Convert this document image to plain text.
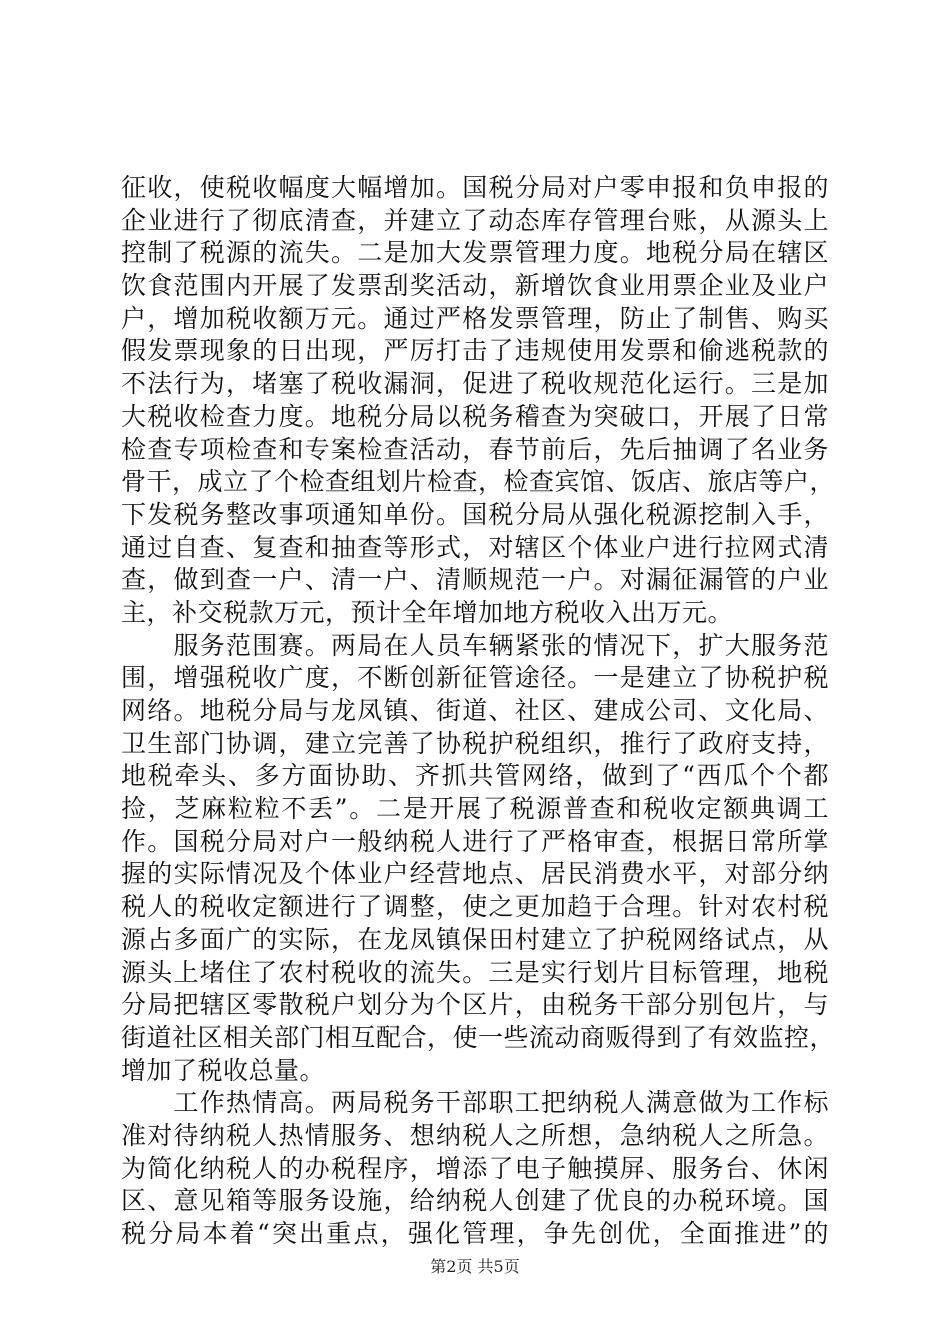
征收，使税收幅度大幅增加。国税分局对户零申报和负申报的
企业进行了彻底清查，并建立了动态库存管理台账，从源头上
控制了税源的流失。二是加大发票管理力度。地税分局在辖区
饮食范围内开展了发票刮奖活动，新增饮食业用票企业及业户
户，增加税收额万元。通过严格发票管理，防止了制售、购买
假发票现象的日出现，严厉打击了违规使用发票和偷逃税款的
不法行为，堵塞了税收漏洞，促进了税收规范化运行。三是加
大税收检查力度。地税分局以税务稽查为突破口，开展了日常
检查专项检查和专案检查活动，春节前后，先后抽调了名业务
骨干，成立了个检查组划片检查，检查宾馆、饭店、旅店等户，
下发税务整改事项通知单份。国税分局从强化税源挖制入手，
通过自查、复查和抽查等形式，对辖区个体业户进行拉网式清
查，做到查一户、清一户、清顺规范一户。对漏征漏管的户业
主，补交税款万元，预计全年增加地方税收入出万元。
　　服务范围赛。两局在人员车辆紧张的情况下，扩大服务范
围，增强税收广度，不断创新征管途径。一是建立了协税护税
网络。地税分局与龙凤镇、街道、社区、建成公司、文化局、
卫生部门协调，建立完善了协税护税组织，推行了政府支持，
地税牵头、多方面协助、齐抓共管网络，做到了“西瓜个个都
捡，芝麻粒粒不丢”。二是开展了税源普查和税收定额典调工
作。国税分局对户一般纳税人进行了严格审查，根据日常所掌
握的实际情况及个体业户经营地点、居民消费水平，对部分纳
税人的税收定额进行了调整，使之更加趋于合理。针对农村税
源占多面广的实际，在龙凤镇保田村建立了护税网络试点，从
源头上堵住了农村税收的流失。三是实行划片目标管理，地税
分局把辖区零散税户划分为个区片，由税务干部分别包片，与
街道社区相关部门相互配合，使一些流动商贩得到了有效监控，
增加了税收总量。
　　工作热情高。两局税务干部职工把纳税人满意做为工作标
准对待纳税人热情服务、想纳税人之所想，急纳税人之所急。
为简化纳税人的办税程序，增添了电子触摸屏、服务台、休闲
区、意见箱等服务设施，给纳税人创建了优良的办税环境。国
税分局本着“突出重点，强化管理，争先创优，全面推进”的
第2页 共5页
